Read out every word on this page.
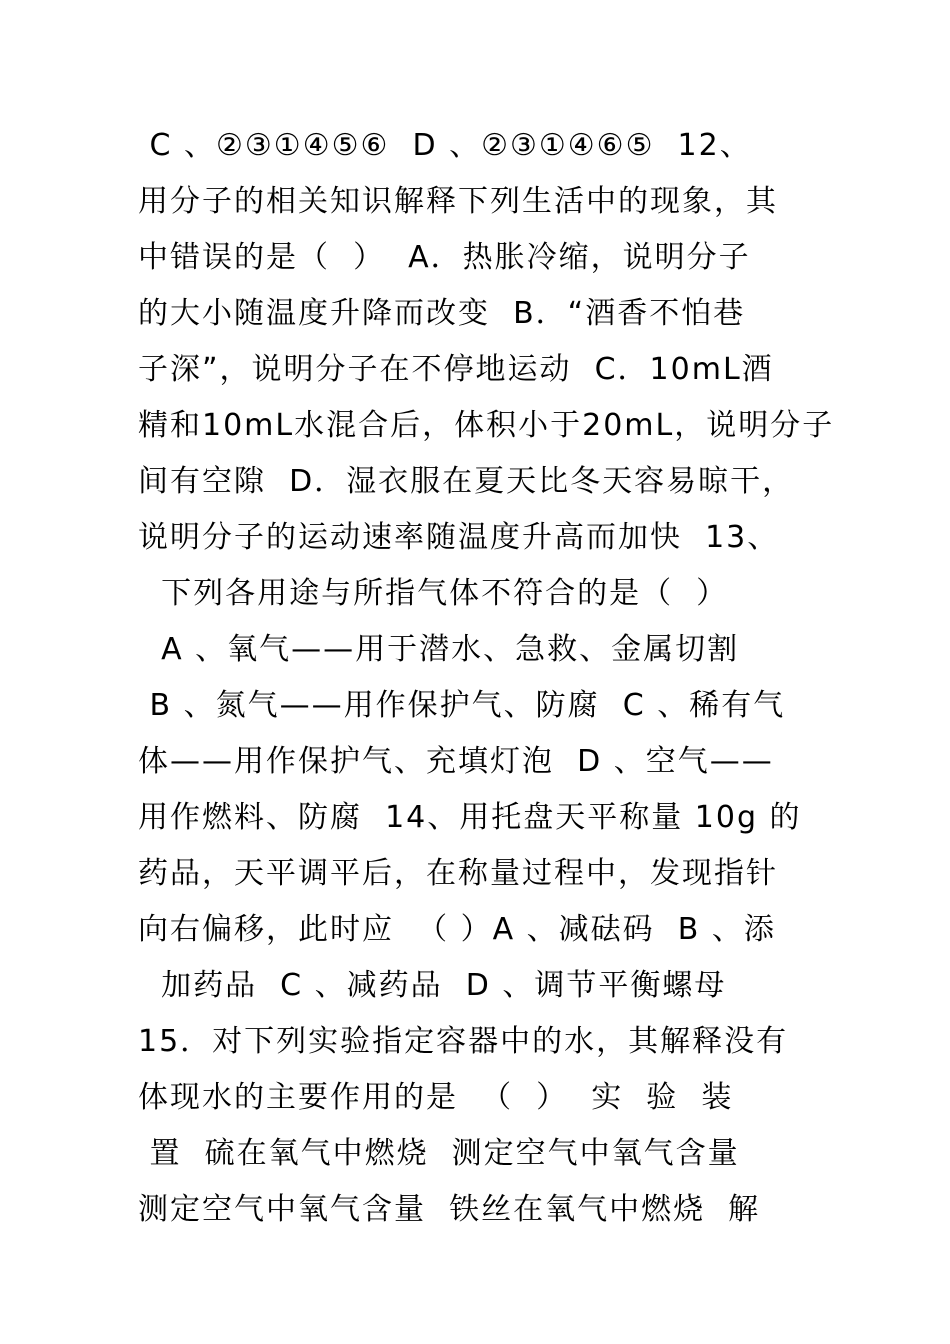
C 、②③①④⑤⑥  D 、②③①④⑥⑤  12、
用分子的相关知识解释下列生活中的现象，其
中错误的是（  ）  A．热胀冷缩，说明分子
的大小随温度升降而改变  B．“酒香不怕巷
子深”，说明分子在不停地运动  C．10mL酒
精和10mL水混合后，体积小于20mL，说明分子
间有空隙  D．湿衣服在夏天比冬天容易晾干，
说明分子的运动速率随温度升高而加快  13、
下列各用途与所指气体不符合的是（  ）
A 、氧气——用于潜水、急救、金属切割
B 、氮气——用作保护气、防腐  C 、稀有气
体——用作保护气、充填灯泡  D 、空气——
用作燃料、防腐  14、用托盘天平称量 10g 的
药品，天平调平后，在称量过程中，发现指针
向右偏移，此时应  （ ）A 、减砝码  B 、添
加药品  C 、减药品  D 、调节平衡螺母
15．对下列实验指定容器中的水，其解释没有
体现水的主要作用的是  （  ）  实  验  装
置  硫在氧气中燃烧  测定空气中氧气含量
测定空气中氧气含量  铁丝在氧气中燃烧  解
